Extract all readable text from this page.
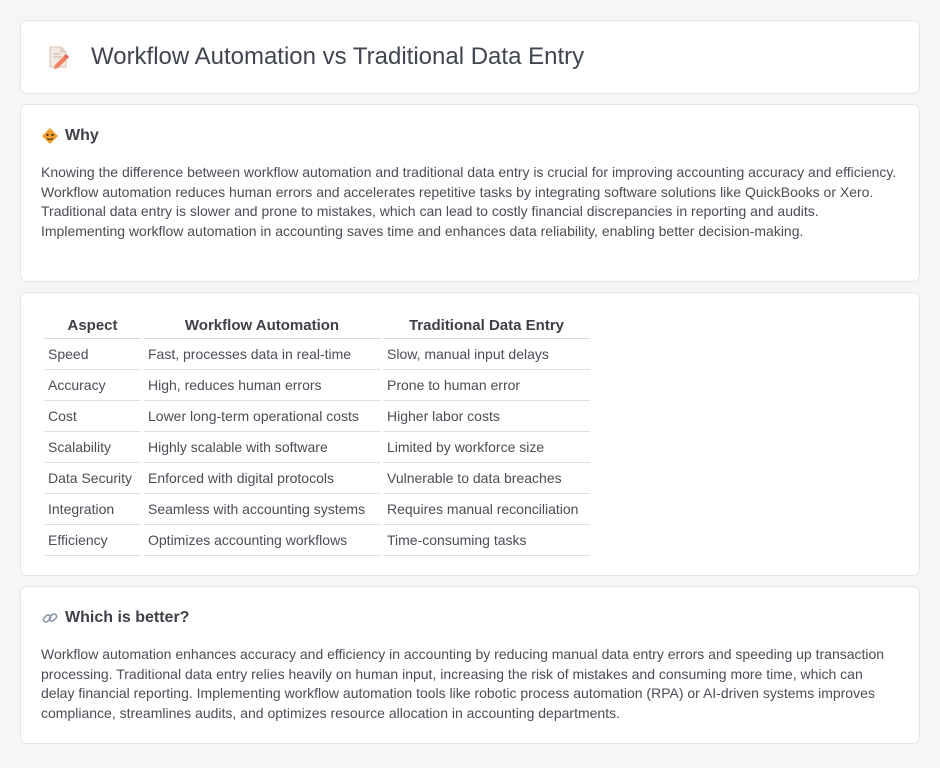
Workflow Automation vs Traditional Data Entry
Why

Knowing the difference between workflow automation and traditional data entry is crucial for improving accounting accuracy and efficiency. Workflow automation reduces human errors and accelerates repetitive tasks by integrating software solutions like QuickBooks or Xero. Traditional data entry is slower and prone to mistakes, which can lead to costly financial discrepancies in reporting and audits. Implementing workflow automation in accounting saves time and enhances data reliability, enabling better decision-making.

Aspect	Workflow Automation	Traditional Data Entry
Speed	Fast, processes data in real-time	Slow, manual input delays
Accuracy	High, reduces human errors	Prone to human error
Cost	Lower long-term operational costs	Higher labor costs
Scalability	Highly scalable with software	Limited by workforce size
Data Security	Enforced with digital protocols	Vulnerable to data breaches
Integration	Seamless with accounting systems	Requires manual reconciliation
Efficiency	Optimizes accounting workflows	Time-consuming tasks
Which is better?

Workflow automation enhances accuracy and efficiency in accounting by reducing manual data entry errors and speeding up transaction processing. Traditional data entry relies heavily on human input, increasing the risk of mistakes and consuming more time, which can delay financial reporting. Implementing workflow automation tools like robotic process automation (RPA) or AI-driven systems improves compliance, streamlines audits, and optimizes resource allocation in accounting departments.
